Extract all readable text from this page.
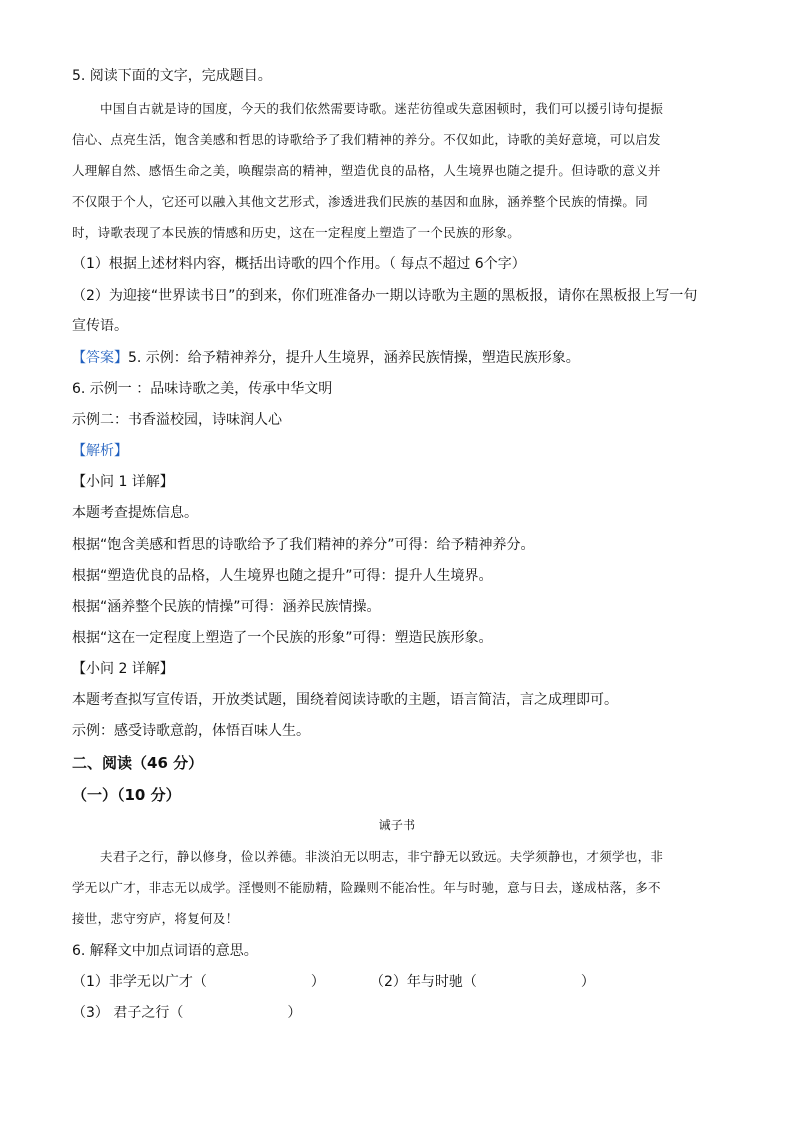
5. 阅读下面的文字，完成题目。
中国自古就是诗的国度，今天的我们依然需要诗歌。迷茫彷徨或失意困顿时，我们可以援引诗句提振
信心、点亮生活，饱含美感和哲思的诗歌给予了我们精神的养分。不仅如此，诗歌的美好意境，可以启发
人理解自然、感悟生命之美，唤醒崇高的精神，塑造优良的品格，人生境界也随之提升。但诗歌的意义并
不仅限于个人，它还可以融入其他文艺形式，渗透进我们民族的基因和血脉，涵养整个民族的情操。同
时，诗歌表现了本民族的情感和历史，这在一定程度上塑造了一个民族的形象。
（1）根据上述材料内容，概括出诗歌的四个作用。（ 每点不超过 6个字）
（2）为迎接“世界读书日”的到来，你们班准备办一期以诗歌为主题的黑板报，请你在黑板报上写一句
宣传语。
【答案】5. 示例：给予精神养分，提升人生境界，涵养民族情操，塑造民族形象。
6. 示例一 ：品味诗歌之美，传承中华文明
示例二：书香溢校园，诗味润人心
【解析】
【小问 1 详解】
本题考查提炼信息。
根据“饱含美感和哲思的诗歌给予了我们精神的养分”可得：给予精神养分。
根据“塑造优良的品格，人生境界也随之提升”可得：提升人生境界。
根据“涵养整个民族的情操”可得：涵养民族情操。
根据“这在一定程度上塑造了一个民族的形象”可得：塑造民族形象。
【小问 2 详解】
本题考查拟写宣传语，开放类试题，围绕着阅读诗歌的主题，语言简洁，言之成理即可。
示例：感受诗歌意韵，体悟百味人生。
二、阅读（46 分）
（一）（10 分）
诫子书
夫君子之行，静以修身，俭以养德。非淡泊无以明志，非宁静无以致远。夫学须静也，才须学也，非
学无以广才，非志无以成学。淫慢则不能励精，险躁则不能冶性。年与时驰，意与日去，遂成枯落，多不
接世，悲守穷庐，将复何及！
6. 解释文中加点词语的意思。
（1）非学无以广才（	）	（2）年与时驰（	）
（3） 君子之行（	）
